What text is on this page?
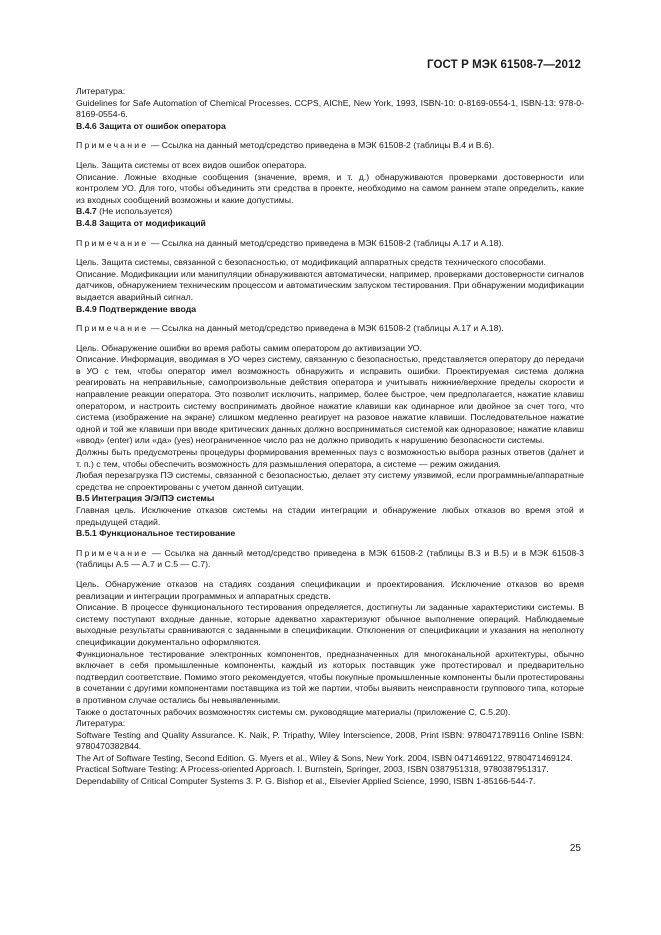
ГОСТ Р МЭК 61508-7—2012

Литература:

Guidelines for Safe Automation of Chemical Processes. CCPS, AIChE, New York, 1993, ISBN-10: 0-8169-0554-1, ISBN-13: 978-0-8169-0554-6.

B.4.6 Защита от ошибок оператора

Примечание — Ссылка на данный метод/средство приведена в МЭК 61508-2 (таблицы B.4 и B.6).

Цель. Защита системы от всех видов ошибок оператора.

Описание. Ложные входные сообщения (значение, время, и т. д.) обнаруживаются проверками достоверности или контролем УО. Для того, чтобы объединить эти средства в проекте, необходимо на самом раннем этапе определить, какие из входных сообщений возможны и какие допустимы.

B.4.7 (Не используется)

B.4.8 Защита от модификаций

Примечание — Ссылка на данный метод/средство приведена в МЭК 61508-2 (таблицы A.17 и A.18).

Цель. Защита системы, связанной с безопасностью, от модификаций аппаратных средств технического способами.

Описание. Модификации или манипуляции обнаруживаются автоматически, например, проверками достоверности сигналов датчиков, обнаружением техническим процессом и автоматическим запуском тестирования. При обнаружении модификации выдается аварийный сигнал.

B.4.9 Подтверждение ввода

Примечание — Ссылка на данный метод/средство приведена в МЭК 61508-2 (таблицы A.17 и A.18).

Цель. Обнаружение ошибки во время работы самим оператором до активизации УО.

Описание. Информация, вводимая в УО через систему, связанную с безопасностью, представляется оператору до передачи в УО с тем, чтобы оператор имел возможность обнаружить и исправить ошибки. Проектируемая система должна реагировать на неправильные, самопроизвольные действия оператора и учитывать нижние/верхние пределы скорости и направление реакции оператора. Это позволит исключить, например, более быстрое, чем предполагается, нажатие клавиш оператором, и настроить систему воспринимать двойное нажатие клавиши как одинарное или двойное за счет того, что система (изображение на экране) слишком медленно реагирует на разовое нажатие клавиши. Последовательное нажатие одной и той же клавиши при вводе критических данных должно восприниматься системой как одноразовое; нажатие клавиш «ввод» (enter) или «да» (yes) неограниченное число раз не должно приводить к нарушению безопасности системы.

Должны быть предусмотрены процедуры формирования временных пауз с возможностью выбора разных ответов (да/нет и т. п.) с тем, чтобы обеспечить возможность для размышления оператора, а системе — режим ожидания.

Любая перезагрузка ПЭ системы, связанной с безопасностью, делает эту систему уязвимой, если программные/аппаратные средства не спроектированы с учетом данной ситуации.

B.5 Интеграция Э/Э/ПЭ системы

Главная цель. Исключение отказов системы на стадии интеграции и обнаружение любых отказов во время этой и предыдущей стадий.

B.5.1 Функциональное тестирование

Примечание — Ссылка на данный метод/средство приведена в МЭК 61508-2 (таблицы B.3 и B.5) и в МЭК 61508-3 (таблицы A.5 — A.7 и C.5 — C.7).

Цель. Обнаружение отказов на стадиях создания спецификации и проектирования. Исключение отказов во время реализации и интеграции программных и аппаратных средств.

Описание. В процессе функционального тестирования определяется, достигнуты ли заданные характеристики системы. В систему поступают входные данные, которые адекватно характеризуют обычное выполнение операций. Наблюдаемые выходные результаты сравниваются с заданными в спецификации. Отклонения от спецификации и указания на неполноту спецификации документально оформляются.

Функциональное тестирование электронных компонентов, предназначенных для многоканальной архитектуры, обычно включает в себя промышленные компоненты, каждый из которых поставщик уже протестировал и предварительно подтвердил соответствие. Помимо этого рекомендуется, чтобы покупные промышленные компоненты были протестированы в сочетании с другими компонентами поставщика из той же партии, чтобы выявить неисправности группового типа, которые в противном случае остались бы невыявленными.

Также о достаточных рабочих возможностях системы см. руководящие материалы (приложение C, C.5.20).

Литература:

Software Testing and Quality Assurance. K. Naik, P. Tripathy, Wiley Interscience, 2008, Print ISBN: 9780471789116 Online ISBN: 9780470382844.

The Art of Software Testing, Second Edition. G. Myers et al., Wiley & Sons, New York. 2004, ISBN 0471469122, 9780471469124.

Practical Software Testing: A Process-oriented Approach. I. Burnstein, Springer, 2003, ISBN 0387951318, 9780387951317.

Dependability of Critical Computer Systems 3. P. G. Bishop et al., Elsevier Applied Science, 1990, ISBN 1-85166-544-7.

25
